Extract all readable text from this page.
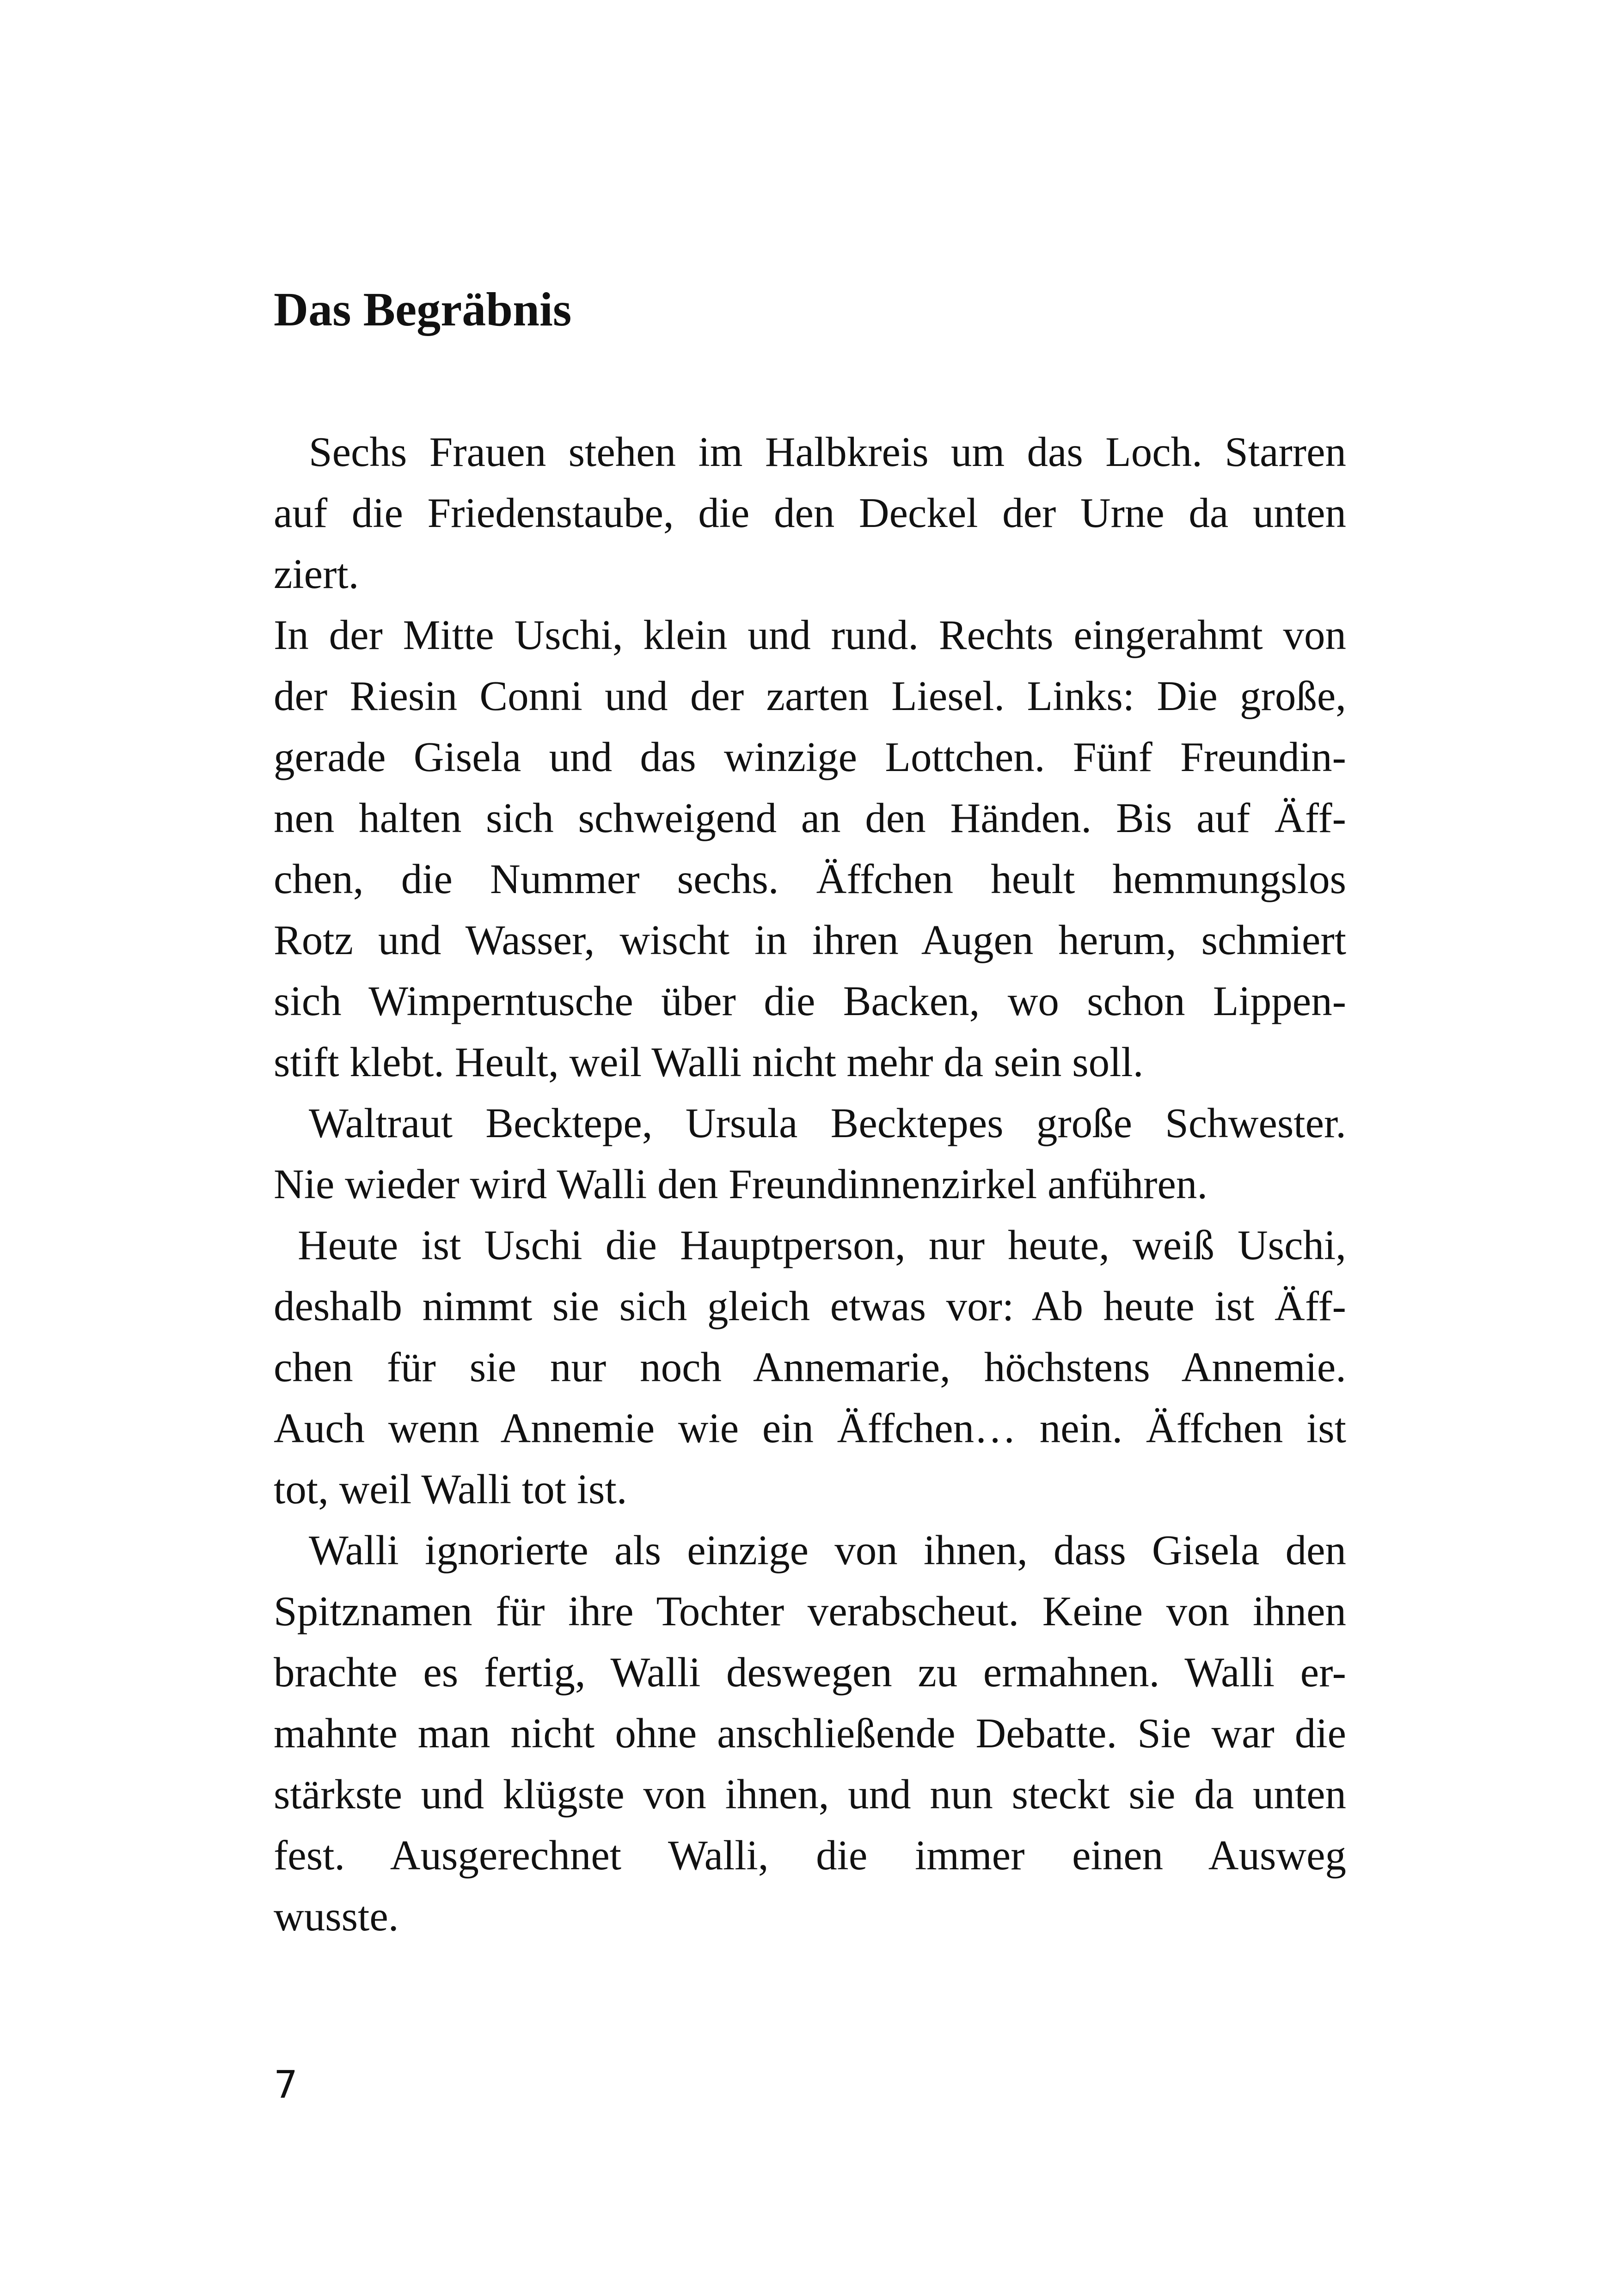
Das Begräbnis
Sechs Frauen stehen im Halbkreis um das Loch. Starren
auf die Friedenstaube, die den Deckel der Urne da unten
ziert.
In der Mitte Uschi, klein und rund. Rechts eingerahmt von
der Riesin Conni und der zarten Liesel. Links: Die große,
gerade Gisela und das winzige Lottchen. Fünf Freundin-
nen halten sich schweigend an den Händen. Bis auf Äff-
chen, die Nummer sechs. Äffchen heult hemmungslos
Rotz und Wasser, wischt in ihren Augen herum, schmiert
sich Wimperntusche über die Backen, wo schon Lippen-
stift klebt. Heult, weil Walli nicht mehr da sein soll.
Waltraut Becktepe, Ursula Becktepes große Schwester.
Nie wieder wird Walli den Freundinnenzirkel anführen.
Heute ist Uschi die Hauptperson, nur heute, weiß Uschi,
deshalb nimmt sie sich gleich etwas vor: Ab heute ist Äff-
chen für sie nur noch Annemarie, höchstens Annemie.
Auch wenn Annemie wie ein Äffchen… nein. Äffchen ist
tot, weil Walli tot ist.
Walli ignorierte als einzige von ihnen, dass Gisela den
Spitznamen für ihre Tochter verabscheut. Keine von ihnen
brachte es fertig, Walli deswegen zu ermahnen. Walli er-
mahnte man nicht ohne anschließende Debatte. Sie war die
stärkste und klügste von ihnen, und nun steckt sie da unten
fest. Ausgerechnet Walli, die immer einen Ausweg
wusste.
7
